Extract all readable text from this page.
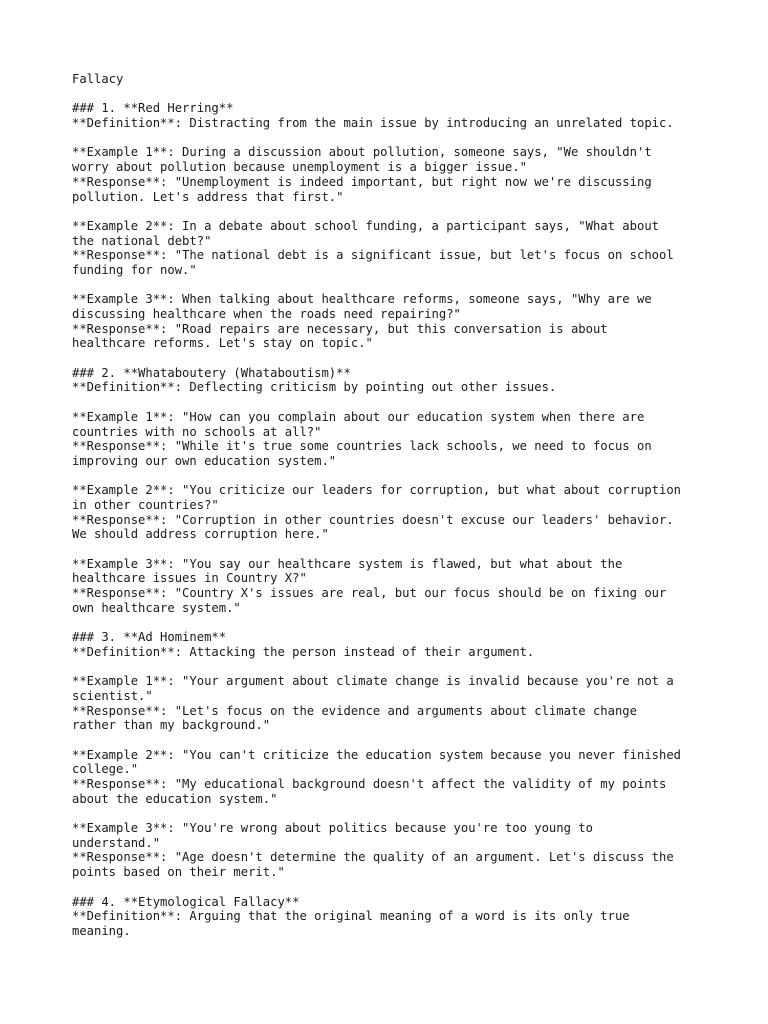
Fallacy
### 1. **Red Herring**
**Definition**: Distracting from the main issue by introducing an unrelated topic.
**Example 1**: During a discussion about pollution, someone says, "We shouldn't
worry about pollution because unemployment is a bigger issue."
**Response**: "Unemployment is indeed important, but right now we're discussing
pollution. Let's address that first."
**Example 2**: In a debate about school funding, a participant says, "What about
the national debt?"
**Response**: "The national debt is a significant issue, but let's focus on school
funding for now."
**Example 3**: When talking about healthcare reforms, someone says, "Why are we
discussing healthcare when the roads need repairing?"
**Response**: "Road repairs are necessary, but this conversation is about
healthcare reforms. Let's stay on topic."
### 2. **Whataboutery (Whataboutism)**
**Definition**: Deflecting criticism by pointing out other issues.
**Example 1**: "How can you complain about our education system when there are
countries with no schools at all?"
**Response**: "While it's true some countries lack schools, we need to focus on
improving our own education system."
**Example 2**: "You criticize our leaders for corruption, but what about corruption
in other countries?"
**Response**: "Corruption in other countries doesn't excuse our leaders' behavior.
We should address corruption here."
**Example 3**: "You say our healthcare system is flawed, but what about the
healthcare issues in Country X?"
**Response**: "Country X's issues are real, but our focus should be on fixing our
own healthcare system."
### 3. **Ad Hominem**
**Definition**: Attacking the person instead of their argument.
**Example 1**: "Your argument about climate change is invalid because you're not a
scientist."
**Response**: "Let's focus on the evidence and arguments about climate change
rather than my background."
**Example 2**: "You can't criticize the education system because you never finished
college."
**Response**: "My educational background doesn't affect the validity of my points
about the education system."
**Example 3**: "You're wrong about politics because you're too young to
understand."
**Response**: "Age doesn't determine the quality of an argument. Let's discuss the
points based on their merit."
### 4. **Etymological Fallacy**
**Definition**: Arguing that the original meaning of a word is its only true
meaning.
